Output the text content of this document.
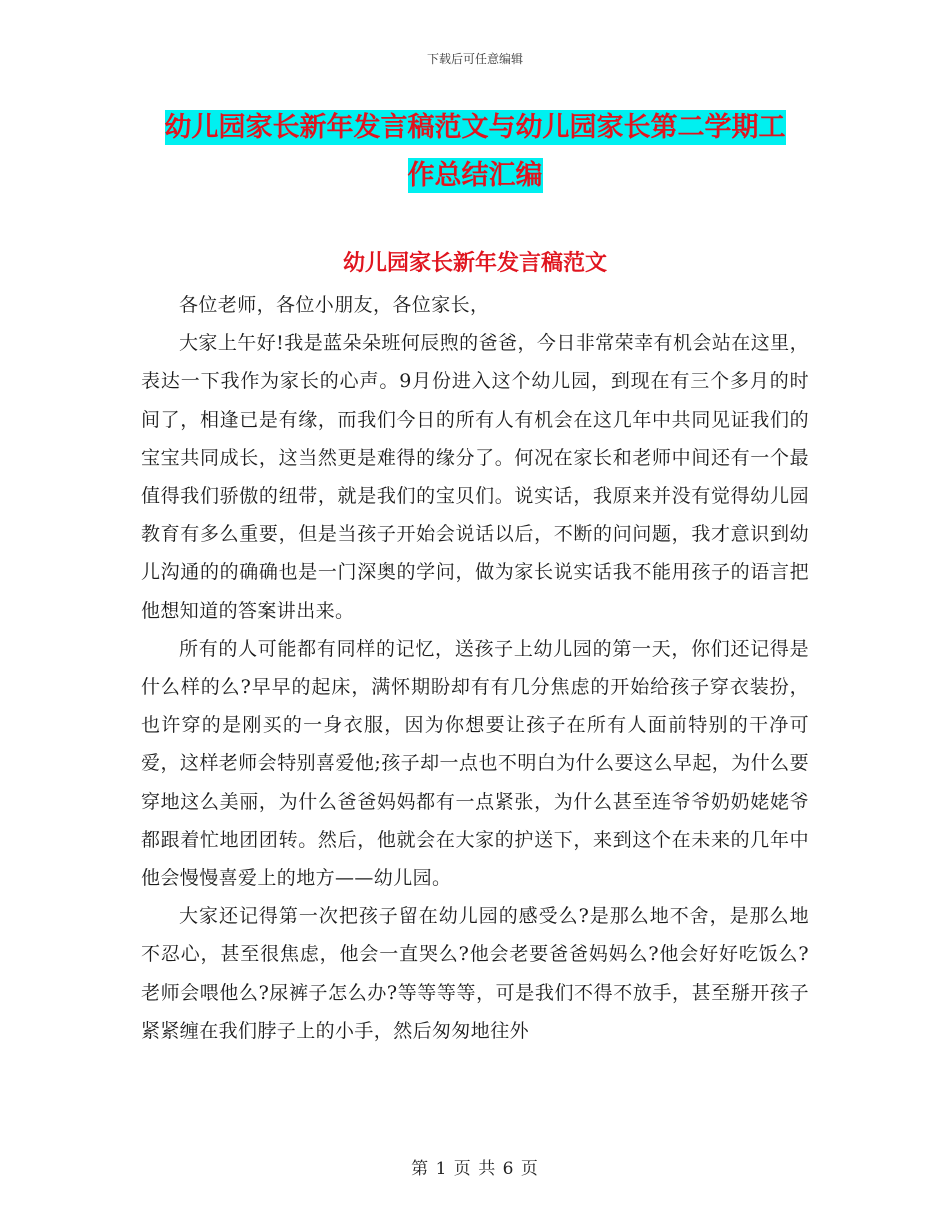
下载后可任意编辑
幼儿园家长新年发言稿范文与幼儿园家长第二学期工
作总结汇编
幼儿园家长新年发言稿范文

各位老师，各位小朋友，各位家长，

大家上午好!我是蓝朵朵班何辰煦的爸爸，今日非常荣幸有机会站在这里，表达一下我作为家长的心声。9月份进入这个幼儿园，到现在有三个多月的时间了，相逢已是有缘，而我们今日的所有人有机会在这几年中共同见证我们的宝宝共同成长，这当然更是难得的缘分了。何况在家长和老师中间还有一个最值得我们骄傲的纽带，就是我们的宝贝们。说实话，我原来并没有觉得幼儿园教育有多么重要，但是当孩子开始会说话以后，不断的问问题，我才意识到幼儿沟通的的确确也是一门深奥的学问，做为家长说实话我不能用孩子的语言把他想知道的答案讲出来。

所有的人可能都有同样的记忆，送孩子上幼儿园的第一天，你们还记得是什么样的么?早早的起床，满怀期盼却有有几分焦虑的开始给孩子穿衣装扮，也许穿的是刚买的一身衣服，因为你想要让孩子在所有人面前特别的干净可爱，这样老师会特别喜爱他;孩子却一点也不明白为什么要这么早起，为什么要穿地这么美丽，为什么爸爸妈妈都有一点紧张，为什么甚至连爷爷奶奶姥姥爷都跟着忙地团团转。然后，他就会在大家的护送下，来到这个在未来的几年中他会慢慢喜爱上的地方——幼儿园。

大家还记得第一次把孩子留在幼儿园的感受么?是那么地不舍，是那么地不忍心，甚至很焦虑，他会一直哭么?他会老要爸爸妈妈么?他会好好吃饭么?老师会喂他么?尿裤子怎么办?等等等等，可是我们不得不放手，甚至掰开孩子紧紧缠在我们脖子上的小手，然后匆匆地往外

第 1 页 共 6 页
